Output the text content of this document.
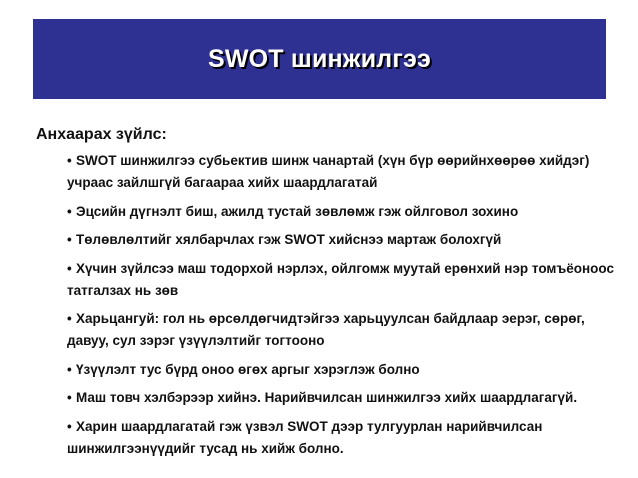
SWOT шинжилгээ
Анхаарах зүйлс:
• SWOT шинжилгээ субьектив шинж чанартай (хүн бүр өөрийнхөөрөө хийдэг) учраас зайлшгүй багаараа хийх шаардлагатай
• Эцсийн дүгнэлт биш, ажилд тустай зөвлөмж гэж ойлговол зохино
• Төлөвлөлтийг хялбарчлах гэж SWOT хийснээ мартаж болохгүй
• Хүчин зүйлсээ маш тодорхой нэрлэх, ойлгомж муутай ерөнхий нэр томъёоноос татгалзах нь зөв
• Харьцангуй: гол нь өрсөлдөгчидтэйгээ харьцуулсан байдлаар эерэг, сөрөг, давуу, сул зэрэг үзүүлэлтийг тогтооно
• Үзүүлэлт тус бүрд оноо өгөх аргыг хэрэглэж болно
• Маш товч хэлбэрээр хийнэ. Нарийвчилсан шинжилгээ хийх шаардлагагүй.
• Харин шаардлагатай гэж үзвэл SWOT дээр тулгуурлан нарийвчилсан шинжилгээнүүдийг тусад нь хийж болно.
